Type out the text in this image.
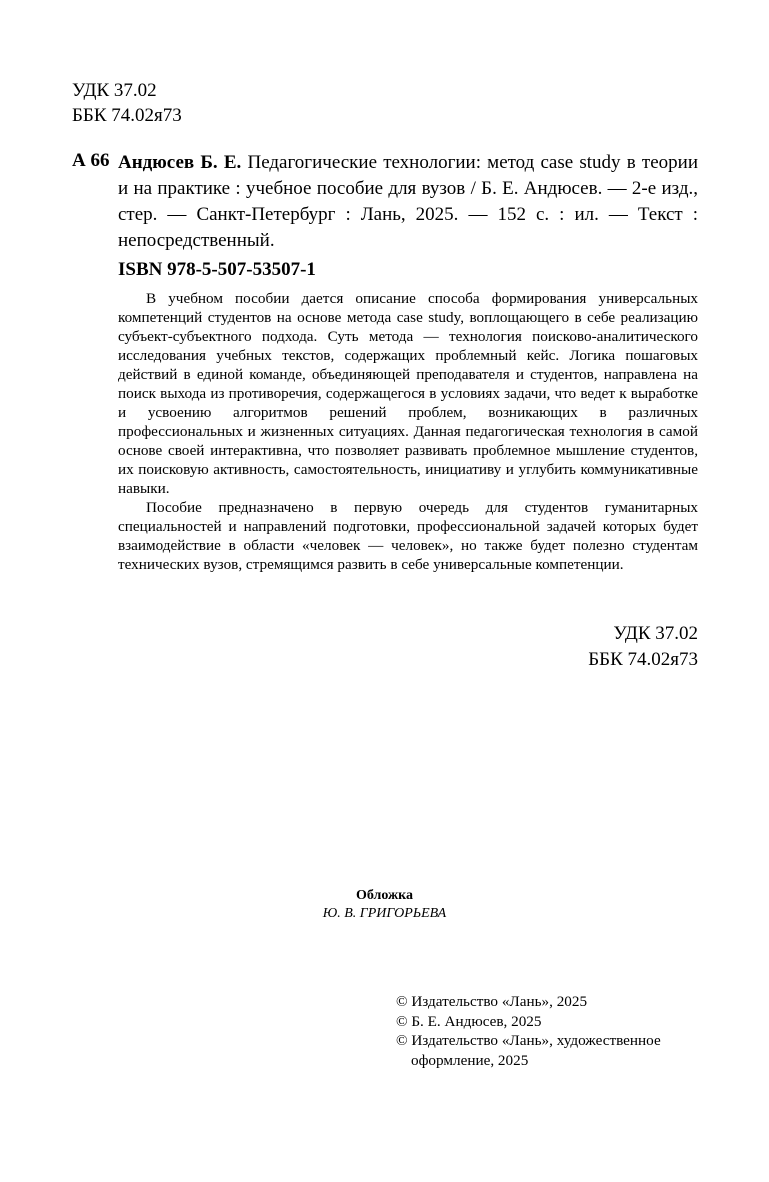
УДК 37.02
ББК 74.02я73
А 66 Андюсев Б. Е. Педагогические технологии: метод case study в теории и на практике : учебное пособие для вузов / Б. Е. Андюсев. — 2-е изд., стер. — Санкт-Петербург : Лань, 2025. — 152 с. : ил. — Текст : непосредственный.
ISBN 978-5-507-53507-1

В учебном пособии дается описание способа формирования универсальных компетенций студентов на основе метода case study, воплощающего в себе реализацию субъект-субъектного подхода. Суть метода — технология поисково-аналитического исследования учебных текстов, содержащих проблемный кейс. Логика пошаговых действий в единой команде, объединяющей преподавателя и студентов, направлена на поиск выхода из противоречия, содержащегося в условиях задачи, что ведет к выработке и усвоению алгоритмов решений проблем, возникающих в различных профессиональных и жизненных ситуациях. Данная педагогическая технология в самой основе своей интерактивна, что позволяет развивать проблемное мышление студентов, их поисковую активность, самостоятельность, инициативу и углубить коммуникативные навыки.

Пособие предназначено в первую очередь для студентов гуманитарных специальностей и направлений подготовки, профессиональной задачей которых будет взаимодействие в области «человек — человек», но также будет полезно студентам технических вузов, стремящимся развить в себе универсальные компетенции.

УДК 37.02
ББК 74.02я73
Обложка
Ю. В. ГРИГОРЬЕВА
© Издательство «Лань», 2025
© Б. Е. Андюсев, 2025
© Издательство «Лань», художественное
оформление, 2025
